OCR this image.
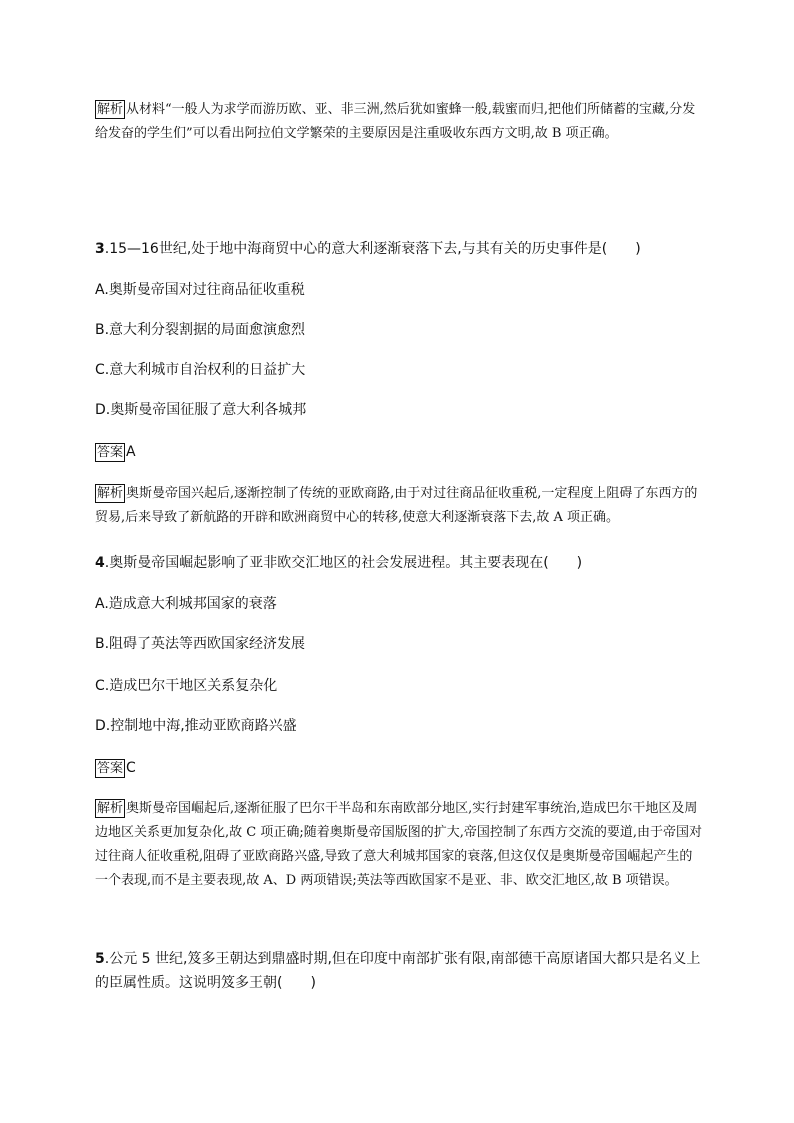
解析 从材料“一般人为求学而游历欧、亚、非三洲,然后犹如蜜蜂一般,载蜜而归,把他们所储蓄的宝藏,分发给发奋的学生们”可以看出阿拉伯文学繁荣的主要原因是注重吸收东西方文明,故 B 项正确。
3.15—16世纪,处于地中海商贸中心的意大利逐渐衰落下去,与其有关的历史事件是(　　)
A.奥斯曼帝国对过往商品征收重税
B.意大利分裂割据的局面愈演愈烈
C.意大利城市自治权利的日益扩大
D.奥斯曼帝国征服了意大利各城邦
答案 A
解析 奥斯曼帝国兴起后,逐渐控制了传统的亚欧商路,由于对过往商品征收重税,一定程度上阻碍了东西方的贸易,后来导致了新航路的开辟和欧洲商贸中心的转移,使意大利逐渐衰落下去,故 A 项正确。
4.奥斯曼帝国崛起影响了亚非欧交汇地区的社会发展进程。其主要表现在(　　)
A.造成意大利城邦国家的衰落
B.阻碍了英法等西欧国家经济发展
C.造成巴尔干地区关系复杂化
D.控制地中海,推动亚欧商路兴盛
答案 C
解析 奥斯曼帝国崛起后,逐渐征服了巴尔干半岛和东南欧部分地区,实行封建军事统治,造成巴尔干地区及周边地区关系更加复杂化,故 C 项正确;随着奥斯曼帝国版图的扩大,帝国控制了东西方交流的要道,由于帝国对过往商人征收重税,阻碍了亚欧商路兴盛,导致了意大利城邦国家的衰落,但这仅仅是奥斯曼帝国崛起产生的一个表现,而不是主要表现,故 A、D 两项错误;英法等西欧国家不是亚、非、欧交汇地区,故 B 项错误。
5.公元 5 世纪,笈多王朝达到鼎盛时期,但在印度中南部扩张有限,南部德干高原诸国大都只是名义上的臣属性质。这说明笈多王朝(　　)
